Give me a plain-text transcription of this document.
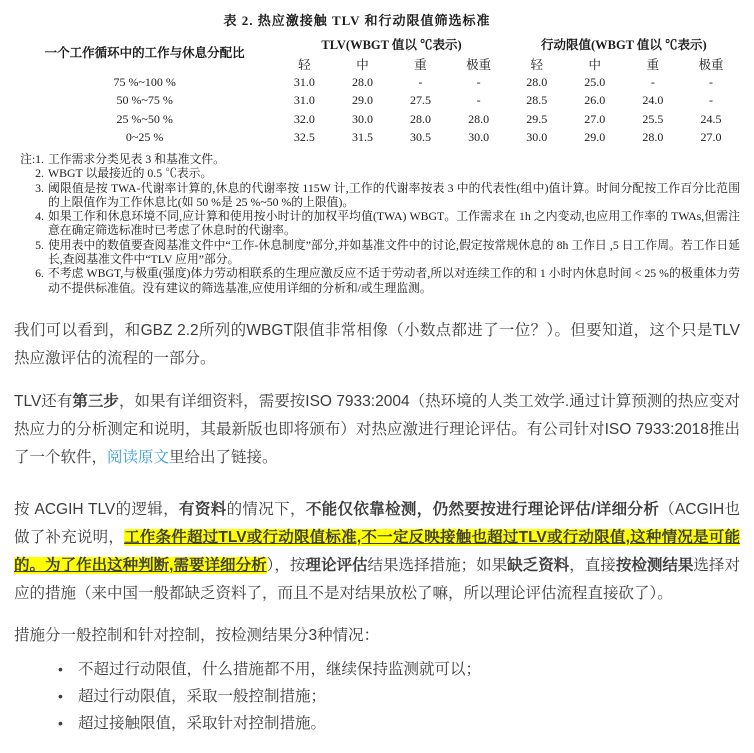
表 2. 热应激接触 TLV 和行动限值筛选标准
一个工作循环中的工作与休息分配比	TLV(WBGT 值以 ℃表示)				行动限值(WBGT 值以 ℃表示)			
	轻	中	重	极重	轻	中	重	极重
75 %~100 %	31.0	28.0	-	-	28.0	25.0	-	-
50 %~75 %	31.0	29.0	27.5	-	28.5	26.0	24.0	-
25 %~50 %	32.0	30.0	28.0	28.0	29.5	27.0	25.5	24.5
0~25 %	32.5	31.5	30.5	30.0	30.0	29.0	28.0	27.0
注:1. 工作需求分类见表 3 和基准文件。
2. WBGT 以最接近的 0.5 ℃表示。
3. 阈限值是按 TWA-代谢率计算的,休息的代谢率按 115W 计,工作的代谢率按表 3 中的代表性(组中)值计算。时间分配按工作百分比范围的上限值作为工作休息比(如 50 %是 25 %~50 %的上限值)。
4. 如果工作和休息环境不同,应计算和使用按小时计的加权平均值(TWA) WBGT。工作需求在 1h 之内变动,也应用工作率的 TWAs,但需注意在确定筛选标准时已考虑了休息时的代谢率。
5. 使用表中的数值要查阅基准文件中“工作-休息制度”部分,并如基准文件中的讨论,假定按常规休息的 8h 工作日 ,5 日工作周。若工作日延长,查阅基准文件中“TLV 应用”部分。
6. 不考虑 WBGT,与极重(强度)体力劳动相联系的生理应激反应不适于劳动者,所以对连续工作的和 1 小时内休息时间 < 25 %的极重体力劳动不提供标准值。没有建议的筛选基准,应使用详细的分析和/或生理监测。

我们可以看到，和GBZ 2.2所列的WBGT限值非常相像（小数点都进了一位？）。但要知道，这个只是TLV热应激评估的流程的一部分。

TLV还有第三步，如果有详细资料，需要按ISO 7933:2004（热环境的人类工效学.通过计算预测的热应变对热应力的分析测定和说明，其最新版也即将颁布）对热应激进行理论评估。有公司针对ISO 7933:2018推出了一个软件，阅读原文里给出了链接。

按 ACGIH TLV的逻辑，有资料的情况下，不能仅依靠检测，仍然要按进行理论评估/详细分析（ACGIH也做了补充说明，工作条件超过TLV或行动限值标准,不一定反映接触也超过TLV或行动限值,这种情况是可能的。为了作出这种判断,需要详细分析），按理论评估结果选择措施；如果缺乏资料，直接按检测结果选择对应的措施（来中国一般都缺乏资料了，而且不是对结果放松了嘛，所以理论评估流程直接砍了）。

措施分一般控制和针对控制，按检测结果分3种情况：

• 不超过行动限值，什么措施都不用，继续保持监测就可以；
• 超过行动限值，采取一般控制措施；
• 超过接触限值，采取针对控制措施。
